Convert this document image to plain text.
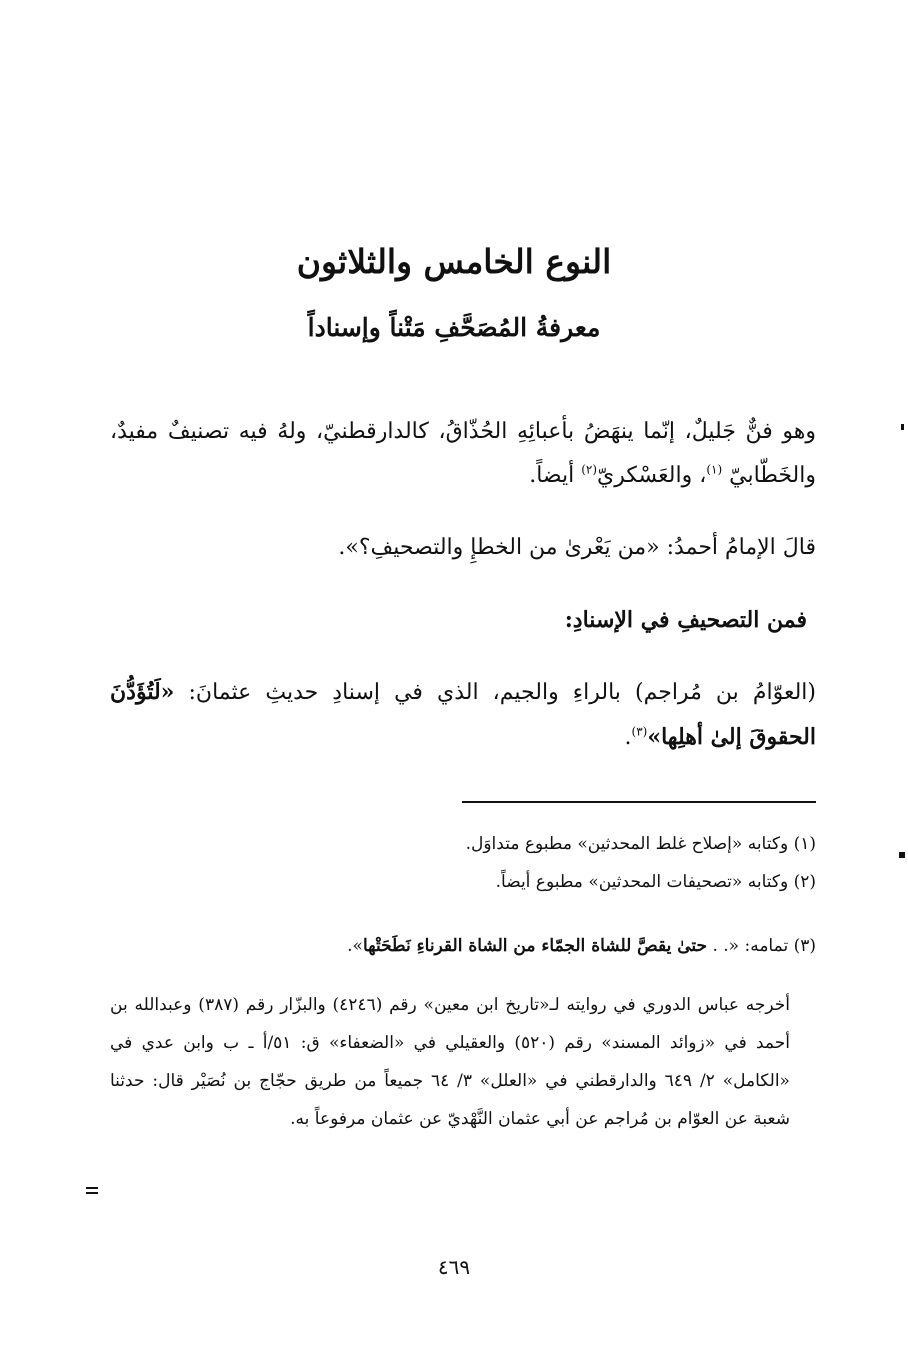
النوع الخامس والثلاثون
معرفةُ المُصَحَّفِ مَتْناً وإسناداً
وهو فنٌّ جَليلٌ، إنّما ينهَضُ بأعبائِهِ الحُذّاقُ، كالدارقطنيّ، ولهُ فيه تصنيفٌ مفيدٌ، والخَطّابيّ $^{(١)}$، والعَسْكريّ$^{(٢)}$ أيضاً.
قالَ الإمامُ أحمدُ: «من يَعْرىٰ من الخطإِ والتصحيفِ؟».
فمن التصحيفِ في الإسنادِ:
(العوّامُ بن مُراجم) بالراءِ والجيم، الذي في إسنادِ حديثِ عثمانَ: «لَتُؤَدُّنَ الحقوقَ إلىٰ أهلِها»$^{(٣)}$.
(١) وكتابه «إصلاح غلط المحدثين» مطبوع متداوَل.
(٢) وكتابه «تصحيفات المحدثين» مطبوع أيضاً.
(٣) تمامه: «. . حتىٰ يقصَّ للشاة الجمّاء من الشاة القرناءِ نَطَحَتْها».
أخرجه عباس الدوري في روايته لـ«تاريخ ابن معين» رقم (٤٢٤٦) والبزّار رقم (٣٨٧) وعبدالله بن أحمد في «زوائد المسند» رقم (٥٢٠) والعقيلي في «الضعفاء» ق: ٥١/أ ـ ب وابن عدي في «الكامل» ٢/ ٦٤٩ والدارقطني في «العلل» ٣/ ٦٤ جميعاً من طريق حجّاج بن نُصَيْر قال: حدثنا شعبة عن العوّام بن مُراجم عن أبي عثمان النَّهْديّ عن عثمان مرفوعاً به.
٤٦٩
